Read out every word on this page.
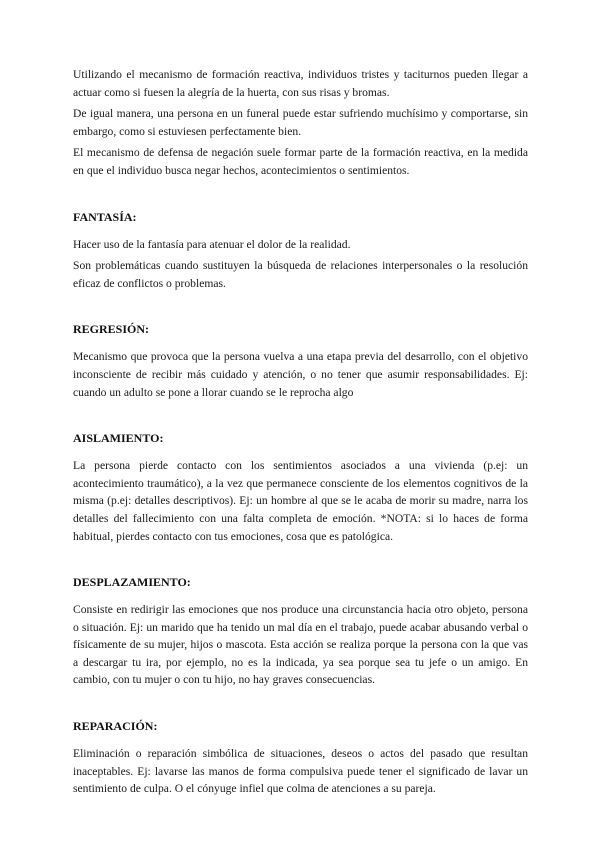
Utilizando el mecanismo de formación reactiva, individuos tristes y taciturnos pueden llegar a actuar como si fuesen la alegría de la huerta, con sus risas y bromas.

De igual manera, una persona en un funeral puede estar sufriendo muchísimo y comportarse, sin embargo, como si estuviesen perfectamente bien.

El mecanismo de defensa de negación suele formar parte de la formación reactiva, en la medida en que el individuo busca negar hechos, acontecimientos o sentimientos.

FANTASÍA:

Hacer uso de la fantasía para atenuar el dolor de la realidad.

Son problemáticas cuando sustituyen la búsqueda de relaciones interpersonales o la resolución eficaz de conflictos o problemas.

REGRESIÓN:

Mecanismo que provoca que la persona vuelva a una etapa previa del desarrollo, con el objetivo inconsciente de recibir más cuidado y atención, o no tener que asumir responsabilidades. Ej: cuando un adulto se pone a llorar cuando se le reprocha algo

AISLAMIENTO:

La persona pierde contacto con los sentimientos asociados a una vivienda (p.ej: un acontecimiento traumático), a la vez que permanece consciente de los elementos cognitivos de la misma (p.ej: detalles descriptivos). Ej: un hombre al que se le acaba de morir su madre, narra los detalles del fallecimiento con una falta completa de emoción. *NOTA: si lo haces de forma habitual, pierdes contacto con tus emociones, cosa que es patológica.

DESPLAZAMIENTO:

Consiste en redirigir las emociones que nos produce una circunstancia hacia otro objeto, persona o situación. Ej: un marido que ha tenido un mal día en el trabajo, puede acabar abusando verbal o físicamente de su mujer, hijos o mascota. Esta acción se realiza porque la persona con la que vas a descargar tu ira, por ejemplo, no es la indicada, ya sea porque sea tu jefe o un amigo. En cambio, con tu mujer o con tu hijo, no hay graves consecuencias.

REPARACIÓN:

Eliminación o reparación simbólica de situaciones, deseos o actos del pasado que resultan inaceptables. Ej: lavarse las manos de forma compulsiva puede tener el significado de lavar un sentimiento de culpa. O el cónyuge infiel que colma de atenciones a su pareja.
